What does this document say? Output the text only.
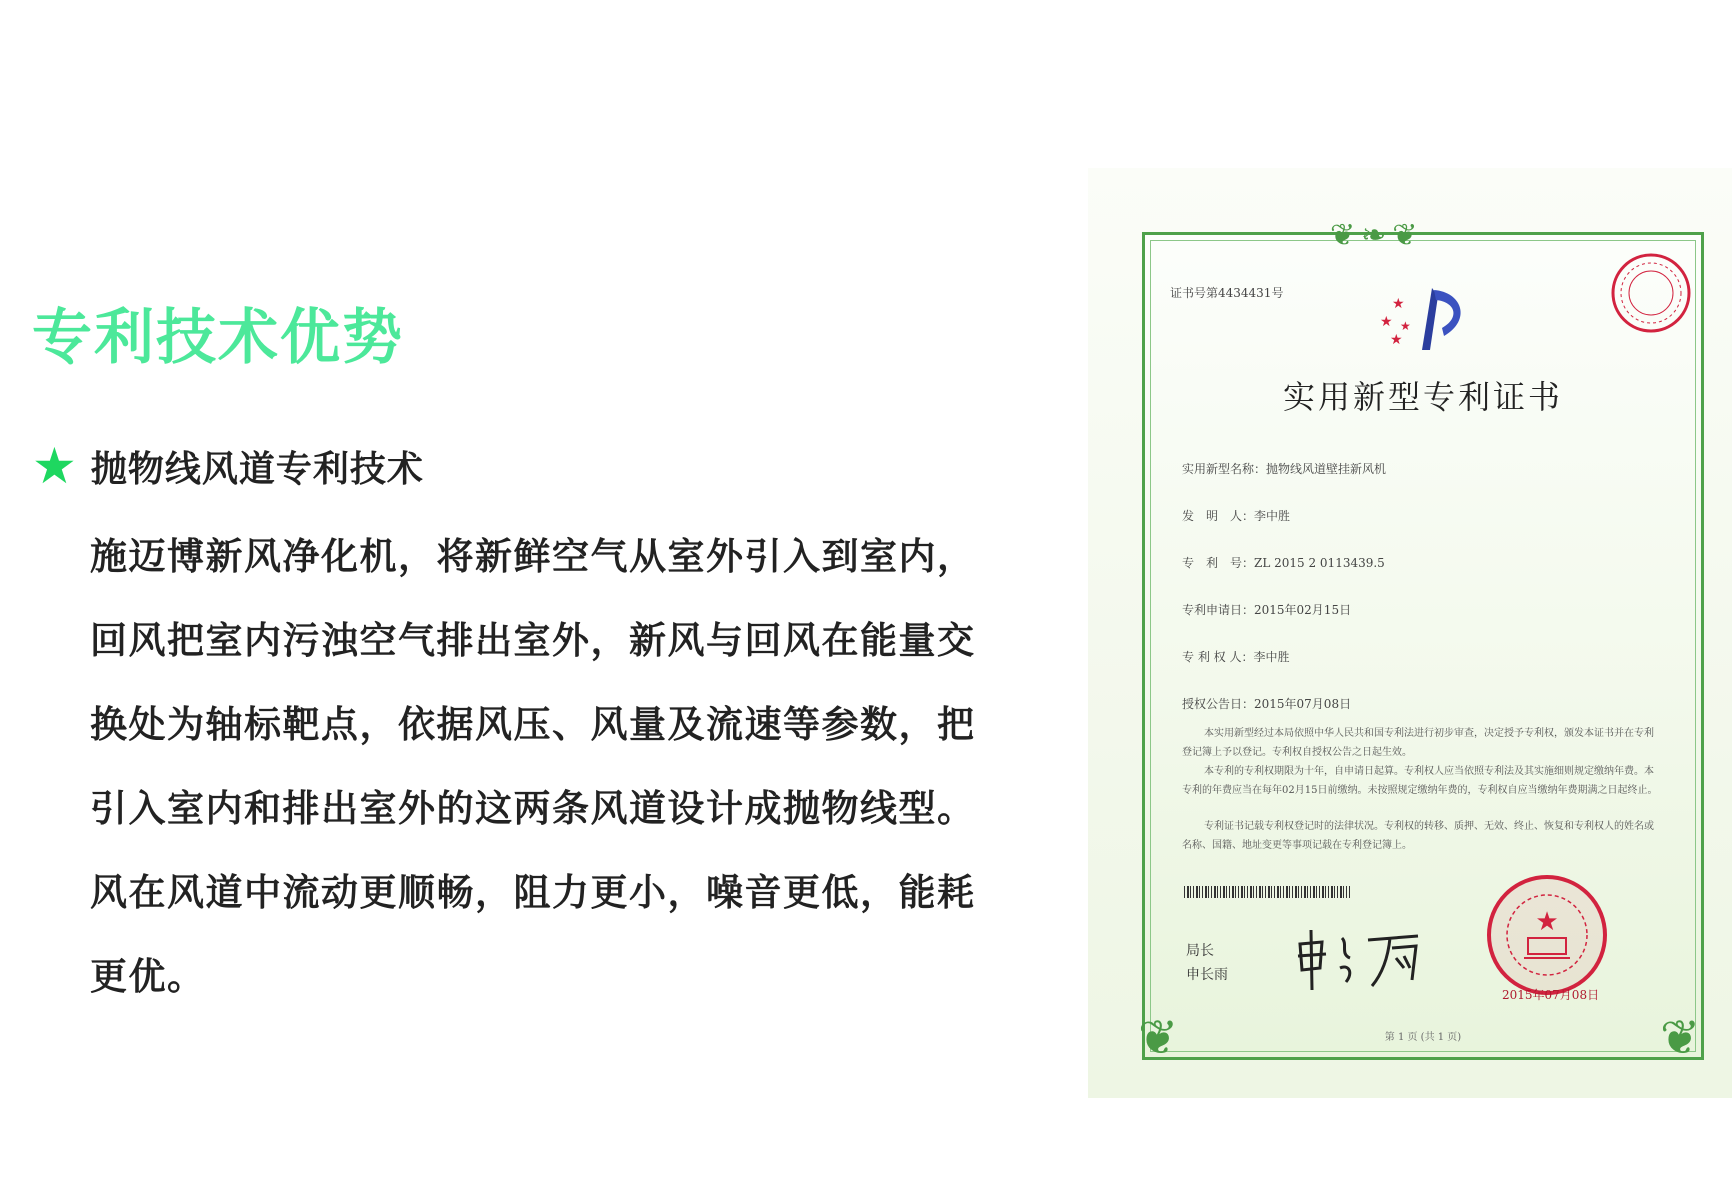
专利技术优势
★ 抛物线风道专利技术
施迈博新风净化机，将新鲜空气从室外引入到室内，
回风把室内污浊空气排出室外，新风与回风在能量交
换处为轴标靶点，依据风压、风量及流速等参数，把
引入室内和排出室外的这两条风道设计成抛物线型。
风在风道中流动更顺畅，阻力更小，噪音更低，能耗
更优。
❦❧❦
❦	❦
证书号第4434431号
★
★ ★
★
实用新型专利证书
实用新型名称：抛物线风道壁挂新风机
发　明　人：李中胜
专　利　号：ZL 2015 2 0113439.5
专利申请日：2015年02月15日
专 利 权 人：李中胜
授权公告日：2015年07月08日
本实用新型经过本局依照中华人民共和国专利法进行初步审查，决定授予专利权，颁发本证书并在专利登记簿上予以登记。专利权自授权公告之日起生效。
本专利的专利权期限为十年，自申请日起算。专利权人应当依照专利法及其实施细则规定缴纳年费。本专利的年费应当在每年02月15日前缴纳。未按照规定缴纳年费的，专利权自应当缴纳年费期满之日起终止。
专利证书记载专利权登记时的法律状况。专利权的转移、质押、无效、终止、恢复和专利权人的姓名或名称、国籍、地址变更等事项记载在专利登记簿上。
局长
申长雨
★
2015年07月08日
第 1 页 (共 1 页)
